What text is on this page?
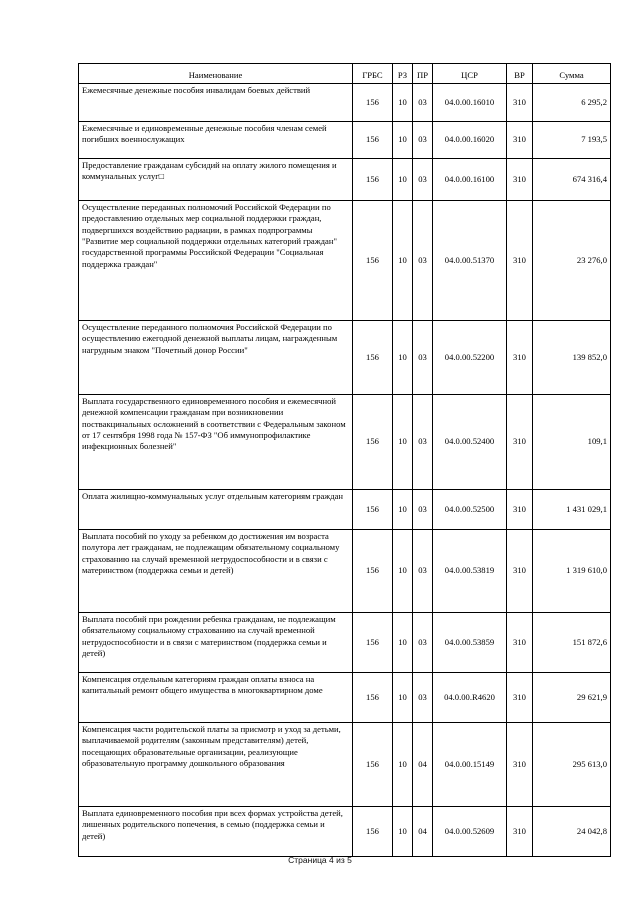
Наименование	ГРБС	РЗ	ПР	ЦСР	ВР	Сумма
Ежемесячные денежные пособия инвалидам боевых действий	156	10	03	04.0.00.16010	310	6 295,2
Ежемесячные и единовременные денежные пособия членам семей погибших военнослужащих	156	10	03	04.0.00.16020	310	7 193,5
Предоставление гражданам субсидий на оплату жилого помещения и коммунальных услуг□	156	10	03	04.0.00.16100	310	674 316,4
Осуществление переданных полномочий Российской Федерации по предоставлению отдельных мер социальной поддержки граждан, подвергшихся воздействию радиации, в рамках подпрограммы "Развитие мер социальной поддержки отдельных категорий граждан" государственной программы Российской Федерации "Социальная поддержка граждан"	156	10	03	04.0.00.51370	310	23 276,0
Осуществление переданного полномочия Российской Федерации по осуществлению ежегодной денежной выплаты лицам, награжденным нагрудным знаком "Почетный донор России"	156	10	03	04.0.00.52200	310	139 852,0
Выплата государственного единовременного пособия и ежемесячной денежной компенсации гражданам при возникновении поствакцинальных осложнений в соответствии с Федеральным законом от 17 сентября 1998 года № 157-ФЗ "Об иммунопрофилактике инфекционных болезней"	156	10	03	04.0.00.52400	310	109,1
Оплата жилищно-коммунальных услуг отдельным категориям граждан	156	10	03	04.0.00.52500	310	1 431 029,1
Выплата пособий по уходу за ребенком до достижения им возраста полутора лет гражданам, не подлежащим обязательному социальному страхованию на случай временной нетрудоспособности и в связи с материнством (поддержка семьи и детей)	156	10	03	04.0.00.53819	310	1 319 610,0
Выплата пособий при рождении ребенка гражданам, не подлежащим обязательному социальному страхованию на случай временной нетрудоспособности и в связи с материнством (поддержка семьи и детей)	156	10	03	04.0.00.53859	310	151 872,6
Компенсация отдельным категориям граждан оплаты взноса на капитальный ремонт общего имущества в многоквартирном доме	156	10	03	04.0.00.R4620	310	29 621,9
Компенсация части родительской платы за присмотр и уход за детьми, выплачиваемой родителям (законным представителям) детей, посещающих образовательные организации, реализующие образовательную программу дошкольного образования	156	10	04	04.0.00.15149	310	295 613,0
Выплата единовременного пособия при всех формах устройства детей, лишенных родительского попечения, в семью (поддержка семьи и детей)	156	10	04	04.0.00.52609	310	24 042,8
Страница 4 из 5
